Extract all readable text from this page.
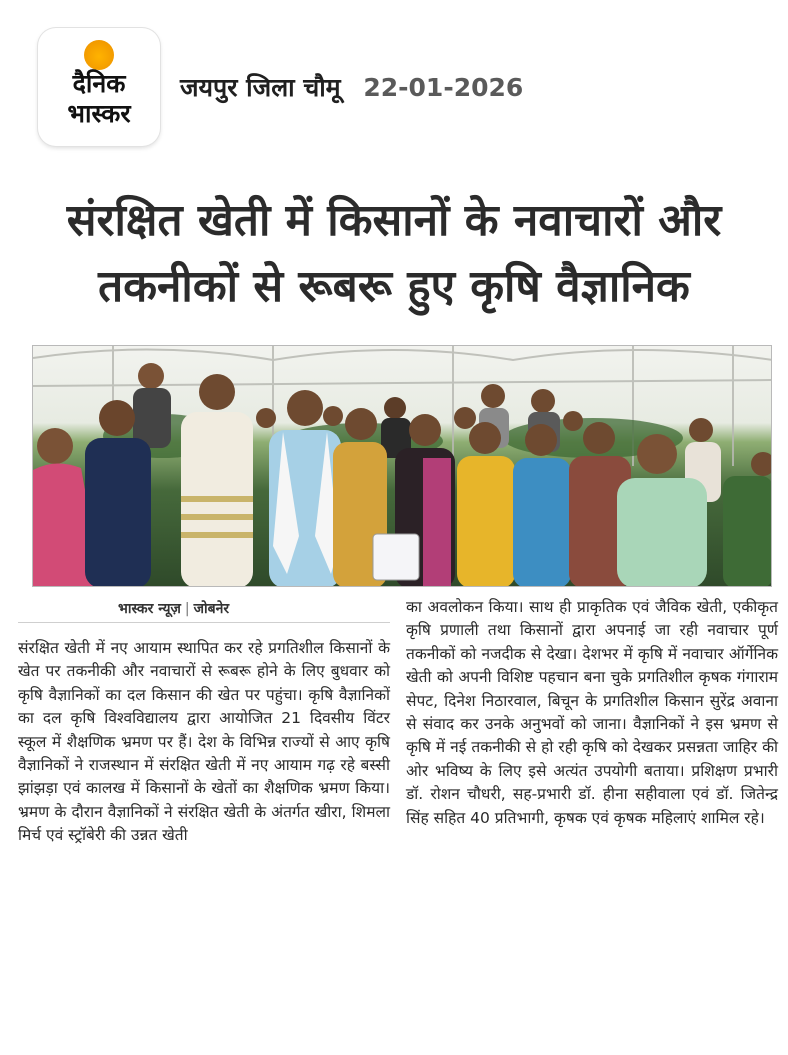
दैनिक
भास्कर
जयपुर जिला चौमू 22-01-2026
संरक्षित खेती में किसानों के नवाचारों और
तकनीकों से रूबरू हुए कृषि वैज्ञानिक
भास्कर न्यूज़ | जोबनेर

संरक्षित खेती में नए आयाम स्थापित कर रहे प्रगतिशील किसानों के खेत पर तकनीकी और नवाचारों से रूबरू होने के लिए बुधवार को कृषि वैज्ञानिकों का दल किसान की खेत पर पहुंचा। कृषि वैज्ञानिकों का दल कृषि विश्वविद्यालय द्वारा आयोजित 21 दिवसीय विंटर स्कूल में शैक्षणिक भ्रमण पर हैं। देश के विभिन्न राज्यों से आए कृषि वैज्ञानिकों ने राजस्थान में संरक्षित खेती में नए आयाम गढ़ रहे बस्सी झांझड़ा एवं कालख में किसानों के खेतों का शैक्षणिक भ्रमण किया। भ्रमण के दौरान वैज्ञानिकों ने संरक्षित खेती के अंतर्गत खीरा, शिमला मिर्च एवं स्ट्रॉबेरी की उन्नत खेती

का अवलोकन किया। साथ ही प्राकृतिक एवं जैविक खेती, एकीकृत कृषि प्रणाली तथा किसानों द्वारा अपनाई जा रही नवाचार पूर्ण तकनीकों को नजदीक से देखा। देशभर में कृषि में नवाचार ऑर्गेनिक खेती को अपनी विशिष्ट पहचान बना चुके प्रगतिशील कृषक गंगाराम सेपट, दिनेश निठारवाल, बिचून के प्रगतिशील किसान सुरेंद्र अवाना से संवाद कर उनके अनुभवों को जाना। वैज्ञानिकों ने इस भ्रमण से कृषि में नई तकनीकी से हो रही कृषि को देखकर प्रसन्नता जाहिर की ओर भविष्य के लिए इसे अत्यंत उपयोगी बताया। प्रशिक्षण प्रभारी डॉ. रोशन चौधरी, सह-प्रभारी डॉ. हीना सहीवाला एवं डॉ. जितेन्द्र सिंह सहित 40 प्रतिभागी, कृषक एवं कृषक महिलाएं शामिल रहे।
